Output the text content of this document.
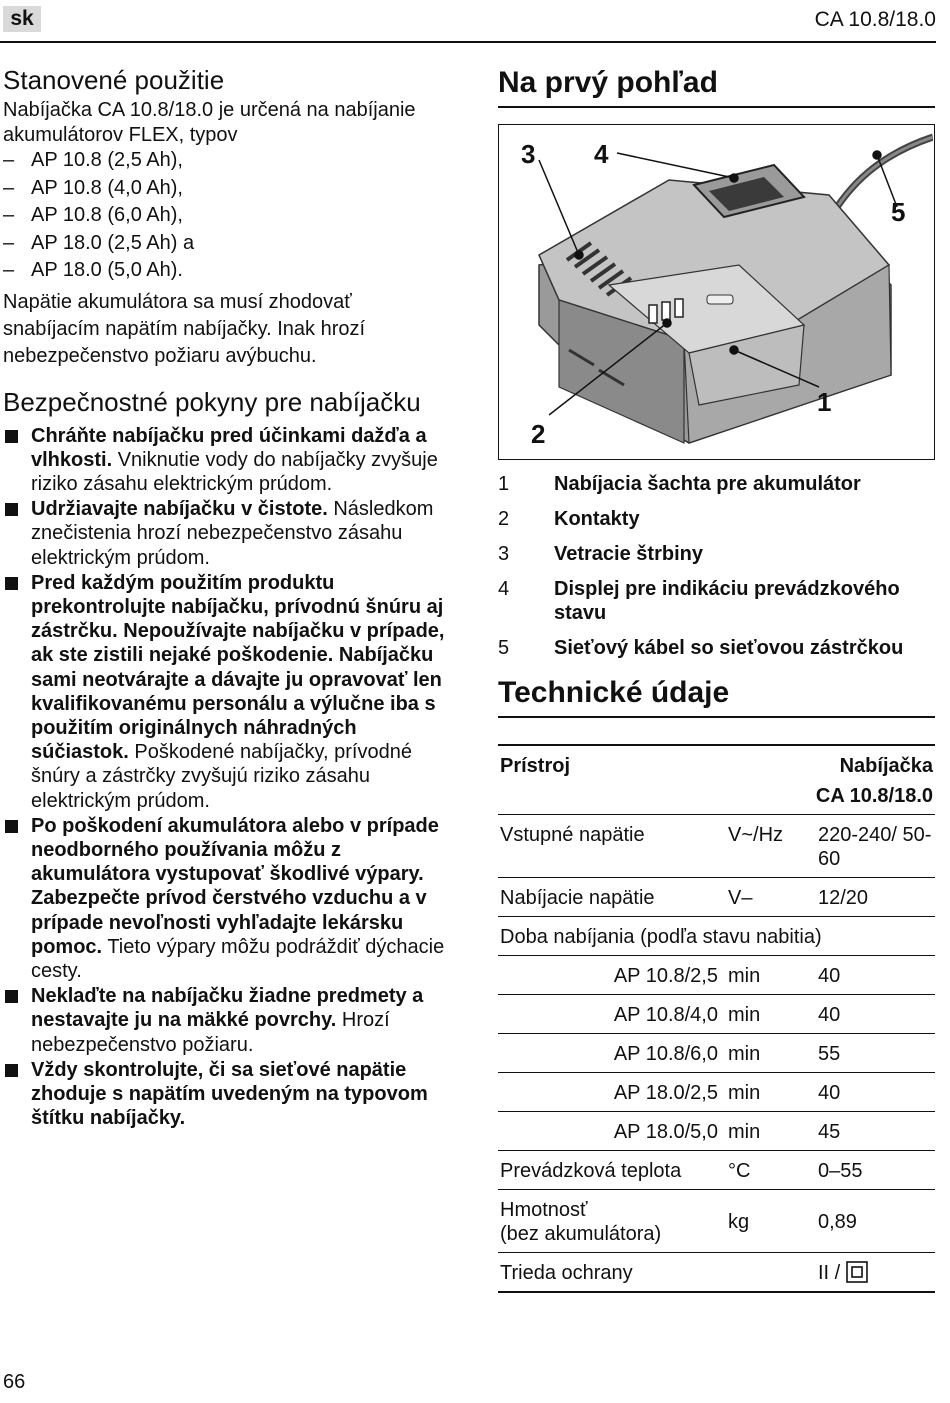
sk	CA 10.8/18.0
Stanovené použitie

Nabíjačka CA 10.8/18.0 je určená na nabíjanie akumulátorov FLEX, typov

– AP 10.8 (2,5 Ah),
– AP 10.8 (4,0 Ah),
– AP 10.8 (6,0 Ah),
– AP 18.0 (2,5 Ah) a
– AP 18.0 (5,0 Ah).

Napätie akumulátora sa musí zhodovať snabíjacím napätím nabíjačky. Inak hrozí nebezpečenstvo požiaru avýbuchu.

Bezpečnostné pokyny pre nabíjačku
Chráňte nabíjačku pred účinkami dažďa a vlhkosti. Vniknutie vody do nabíjačky zvyšuje riziko zásahu elektrickým prúdom.
Udržiavajte nabíjačku v čistote. Následkom znečistenia hrozí nebezpečenstvo zásahu elektrickým prúdom.
Pred každým použitím produktu prekontrolujte nabíjačku, prívodnú šnúru aj zástrčku. Nepoužívajte nabíjačku v prípade, ak ste zistili nejaké poškodenie. Nabíjačku sami neotvárajte a dávajte ju opravovať len kvalifikovanému personálu a výlučne iba s použitím originálnych náhradných súčiastok. Poškodené nabíjačky, prívodné šnúry a zástrčky zvyšujú riziko zásahu elektrickým prúdom.
Po poškodení akumulátora alebo v prípade neodborného používania môžu z akumulátora vystupovať škodlivé výpary. Zabezpečte prívod čerstvého vzduchu a v prípade nevoľnosti vyhľadajte lekársku pomoc. Tieto výpary môžu podráždiť dýchacie cesty.
Neklaďte na nabíjačku žiadne predmety a nestavajte ju na mäkké povrchy. Hrozí nebezpečenstvo požiaru.
Vždy skontrolujte, či sa sieťové napätie zhoduje s napätím uvedeným na typovom štítku nabíjačky.
Na prvý pohľad
3 4
5
1
2
1	Nabíjacia šachta pre akumulátor
2	Kontakty
3	Vetracie štrbiny
4	Displej pre indikáciu prevádzkového stavu
5	Sieťový kábel so sieťovou zástrčkou
Technické údaje
Prístroj		Nabíjačka
CA 10.8/18.0		
Vstupné napätie	V~/Hz	220-240/ 50-60
Nabíjacie napätie	V–	12/20
Doba nabíjania (podľa stavu nabitia)		
AP 10.8/2,5	min	40
AP 10.8/4,0	min	40
AP 10.8/6,0	min	55
AP 18.0/2,5	min	40
AP 18.0/5,0	min	45
Prevádzková teplota	°C	0–55
Hmotnosť
(bez akumulátora)	kg	0,89
Trieda ochrany		II /
66
